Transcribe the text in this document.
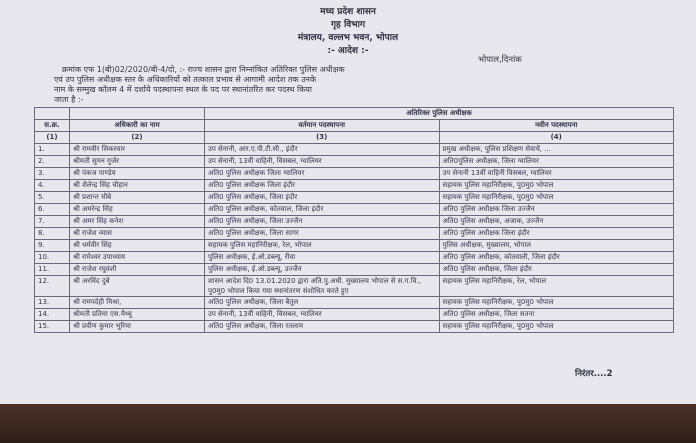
मध्य प्रदेश शासन
गृह विभाग
मंत्रालय, वल्लभ भवन, भोपाल
:- आदेश :-
भोपाल,दिनांक
क्रमांक एफ 1(बी)02/2020/बी-4/दो, :- राज्य शासन द्वारा निम्नांकित अतिरिक्त पुलिस अधीक्षक
एवं उप पुलिस अधीक्षक स्तर के अधिकारियों को तत्काल प्रभाव से आगामी आदेश तक उनके
नाम के सम्मुख कॉलम 4 में दर्शाये पदस्थापना स्थल के पद पर स्थानांतरित कर पदस्थ किया
जाता है :-
		अतिरिक्त पुलिस अधीक्षक	
स.क्र.	अधिकारी का नाम	वर्तमान पदस्थापना	नवीन पदस्थापना
(1)	(2)	(3)	(4)
1.	श्री रामवीर सिकरवार	उप सेनानी, आर.ए.पी.टी.सी., इंदौर	प्रमुख अधीक्षक, पुलिस प्रशिक्षण सेवायें, ...
2.	श्रीमती सुमन गुर्जर	उप सेनानी, 13वीं वाहिनी, विसबल, ग्वालियर	अति0पुलिस अधीक्षक, जिला ग्वालियर
3.	श्री पंकज पाण्डेय	अति0 पुलिस अधीक्षक जिला ग्वालियर	उप सेनानी 13वीं वाहिनी विसबल, ग्वालियर
4.	श्री शैलेन्द्र सिंह चौहान	अति0 पुलिस अधीक्षक जिला इंदौर	सहायक पुलिस महानिरीक्षक, पु0मु0 भोपाल
5.	श्री प्रशान्त चौबे	अति0 पुलिस अधीक्षक, जिला इंदौर	सहायक पुलिस महानिरीक्षक, पु0मु0 भोपाल
6.	श्री अमरेन्द्र सिंह	अति0 पुलिस अधीक्षक, कोतवाल, जिला इंदौर	अति0 पुलिस अधीक्षक जिला उज्जैन
7.	श्री अमर सिंह कनेश	अति0 पुलिस अधीक्षक, जिला उज्जैन	अति0 पुलिस अधीक्षक, अजाक, उज्जैन
8.	श्री राजेश व्यास	अति0 पुलिस अधीक्षक, जिला सागर	अति0 पुलिस अधीक्षक जिला इंदौर
9.	श्री धर्मवीर सिंह	सहायक पुलिस महानिरीक्षक, रेल, भोपाल	पुलिस अधीक्षक, मुख्यालय, भोपाल
10.	श्री रामेश्वर उपाध्याय	पुलिस अधीक्षक, ई.ओ.डब्ल्यू, रीवा	अति0 पुलिस अधीक्षक, कोतवाली, जिला इंदौर
11.	श्री राजेश रघुवंशी	पुलिस अधीक्षक, ई.ओ.डब्ल्यू, उज्जैन	अति0 पुलिस अधीक्षक, जिला इंदौर
12.	श्री अरविंद दुबे	शासन आदेश दि0 13.01.2020 द्वारा अति.पु.अधी. मुख्यालय भोपाल से स.ग.वि., पु0मु0 भोपाल किया गया स्थानांतरण संशोधित करते हुए	सहायक पुलिस महानिरीक्षक, रेल, भोपाल
13.	श्री रामपदेही मिश्रा,	अति0 पुलिस अधीक्षक, जिला बैतूल	सहायक पुलिस महानिरीक्षक, पु0मु0 भोपाल
14.	श्रीमती प्रतिमा एस.मैथ्यू	उप सेनानी, 13वीं वाहिनी, विसबल, ग्वालियर	अति0 पुलिस अधीक्षक, जिला सतना
15.	श्री प्रवीण कुमार भूरिया	अति0 पुलिस अधीक्षक, जिला रतलाम	सहायक पुलिस महानिरीक्षक, पु0मु0 भोपाल
निरंतर....2
